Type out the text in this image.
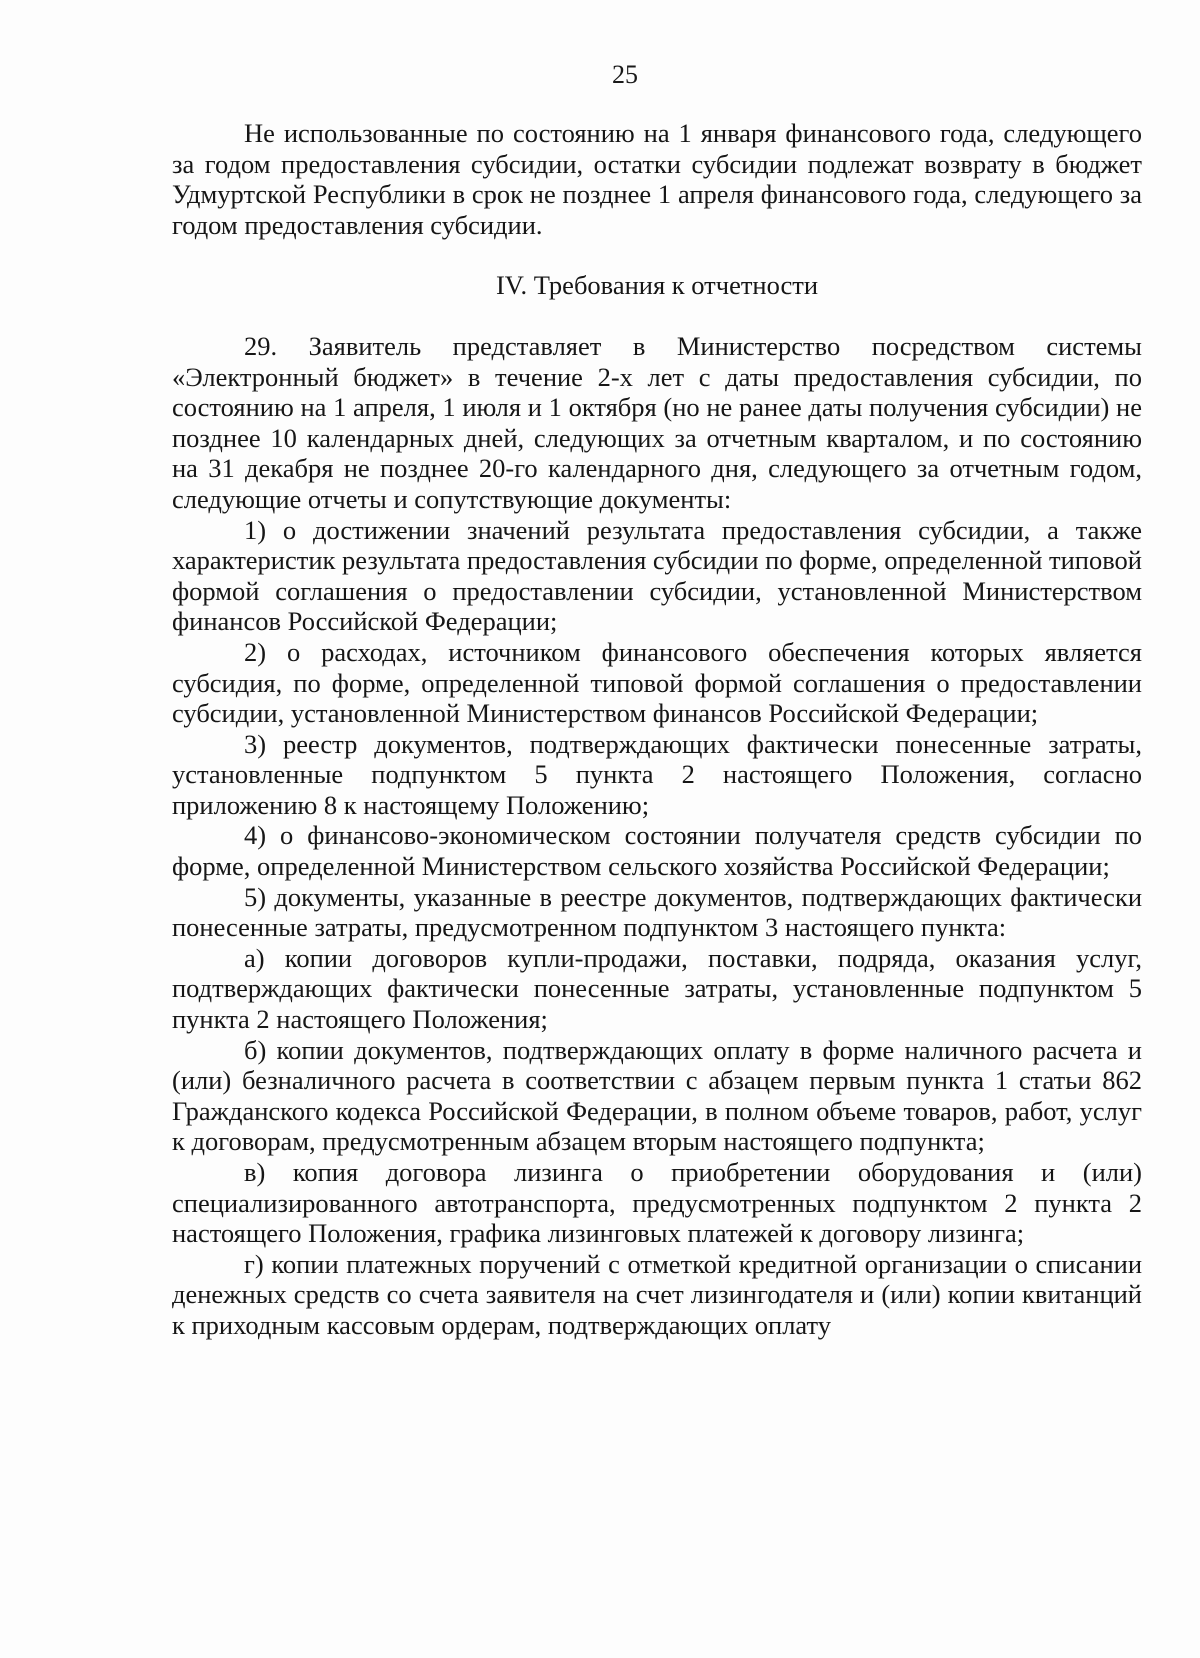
25

Не использованные по состоянию на 1 января финансового года, следующего за годом предоставления субсидии, остатки субсидии подлежат возврату в бюджет Удмуртской Республики в срок не позднее 1 апреля финансового года, следующего за годом предоставления субсидии.

IV. Требования к отчетности

29. Заявитель представляет в Министерство посредством системы «Электронный бюджет» в течение 2-х лет с даты предоставления субсидии, по состоянию на 1 апреля, 1 июля и 1 октября (но не ранее даты получения субсидии) не позднее 10 календарных дней, следующих за отчетным кварталом, и по состоянию на 31 декабря не позднее 20-го календарного дня, следующего за отчетным годом, следующие отчеты и сопутствующие документы:

1) о достижении значений результата предоставления субсидии, а также характеристик результата предоставления субсидии по форме, определенной типовой формой соглашения о предоставлении субсидии, установленной Министерством финансов Российской Федерации;

2) о расходах, источником финансового обеспечения которых является субсидия, по форме, определенной типовой формой соглашения о предоставлении субсидии, установленной Министерством финансов Российской Федерации;

3) реестр документов, подтверждающих фактически понесенные затраты, установленные подпунктом 5 пункта 2 настоящего Положения, согласно приложению 8 к настоящему Положению;

4) о финансово-экономическом состоянии получателя средств субсидии по форме, определенной Министерством сельского хозяйства Российской Федерации;

5) документы, указанные в реестре документов, подтверждающих фактически понесенные затраты, предусмотренном подпунктом 3 настоящего пункта:

а) копии договоров купли-продажи, поставки, подряда, оказания услуг, подтверждающих фактически понесенные затраты, установленные подпунктом 5 пункта 2 настоящего Положения;

б) копии документов, подтверждающих оплату в форме наличного расчета и (или) безналичного расчета в соответствии с абзацем первым пункта 1 статьи 862 Гражданского кодекса Российской Федерации, в полном объеме товаров, работ, услуг к договорам, предусмотренным абзацем вторым настоящего подпункта;

в) копия договора лизинга о приобретении оборудования и (или) специализированного автотранспорта, предусмотренных подпунктом 2 пункта 2 настоящего Положения, графика лизинговых платежей к договору лизинга;

г) копии платежных поручений с отметкой кредитной организации о списании денежных средств со счета заявителя на счет лизингодателя и (или) копии квитанций к приходным кассовым ордерам, подтверждающих оплату
